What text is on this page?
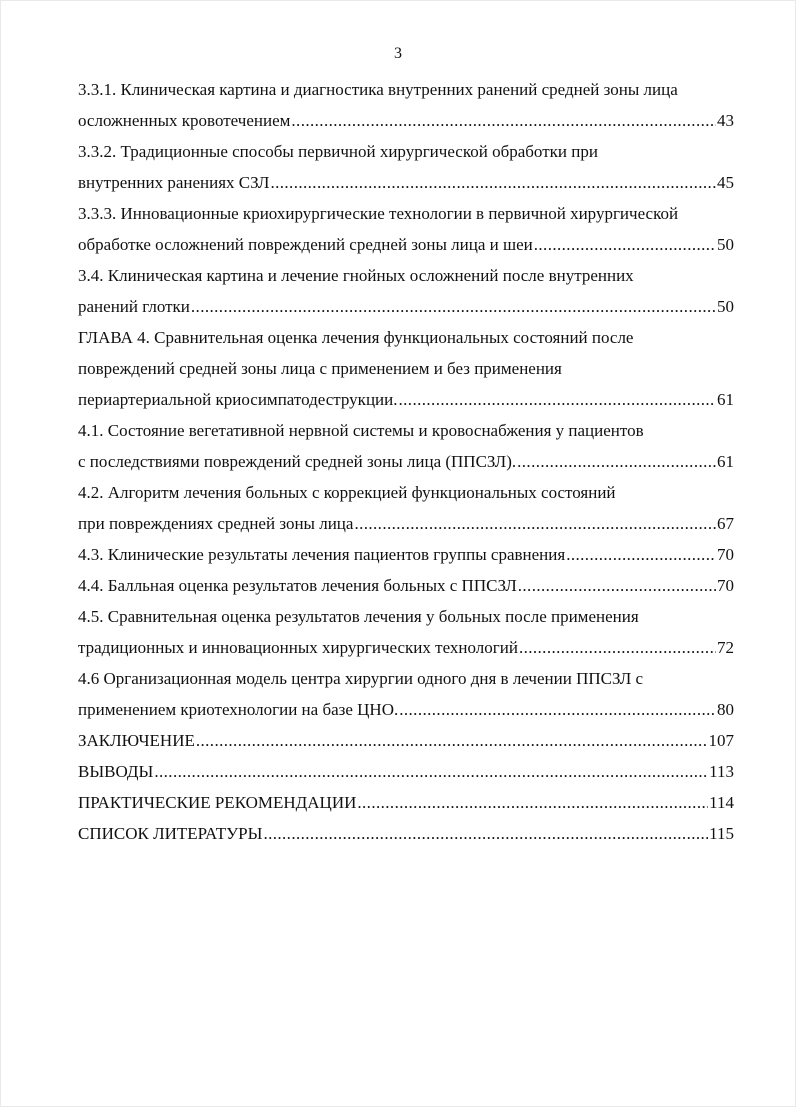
3
3.3.1. Клиническая картина и диагностика внутренних ранений средней зоны лица
осложненных кровотечением .....	43
3.3.2. Традиционные способы первичной хирургической обработки при
внутренних ранениях СЗЛ .....	45
3.3.3. Инновационные криохирургические технологии в первичной хирургической
обработке осложнений повреждений средней зоны лица и шеи .....	50
3.4. Клиническая картина и лечение гнойных осложнений после внутренних
ранений глотки .....	50
ГЛАВА 4. Сравнительная оценка лечения функциональных состояний после
повреждений средней зоны лица с применением и без применения
периартериальной криосимпатодеструкции. .....	61
4.1. Состояние вегетативной нервной системы и кровоснабжения у пациентов
с последствиями повреждений средней зоны лица (ППСЗЛ). .....	61
4.2. Алгоритм лечения больных с коррекцией функциональных состояний
при повреждениях средней зоны лица .....	67
4.3. Клинические результаты лечения пациентов группы сравнения .....	70
4.4. Балльная оценка результатов лечения больных с ППСЗЛ .....	70
4.5. Сравнительная оценка результатов лечения у больных после применения
традиционных и инновационных хирургических технологий .....	72
4.6 Организационная модель центра хирургии одного дня в лечении ППСЗЛ с
применением криотехнологии на базе ЦНО. .....	80
ЗАКЛЮЧЕНИЕ .....	107
ВЫВОДЫ .....	113
ПРАКТИЧЕСКИЕ РЕКОМЕНДАЦИИ .....	114
СПИСОК ЛИТЕРАТУРЫ .....	115
